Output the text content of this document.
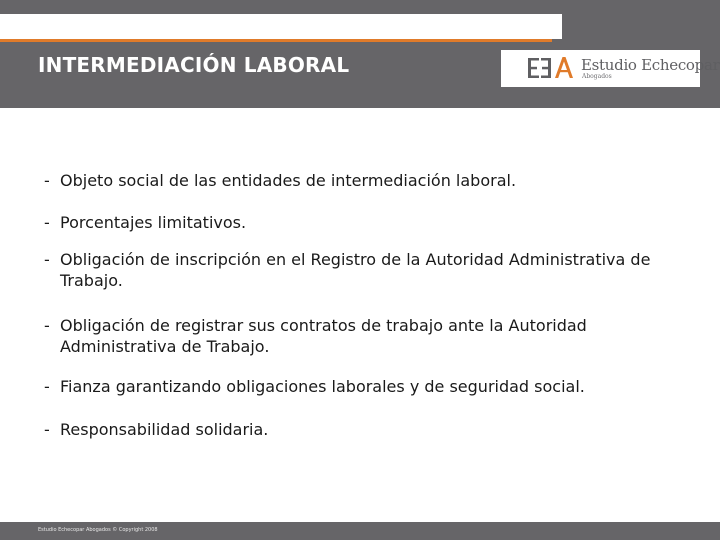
INTERMEDIACIÓN LABORAL	Estudio Echecopar
Abogados
- Objeto social de las entidades de intermediación laboral.
- Porcentajes limitativos.
- Obligación de inscripción en el Registro de la Autoridad Administrativa de Trabajo.
- Obligación de registrar sus contratos de trabajo ante la Autoridad Administrativa de Trabajo.
- Fianza garantizando obligaciones laborales y de seguridad social.
- Responsabilidad solidaria.
Estudio Echecopar Abogados © Copyright 2008
